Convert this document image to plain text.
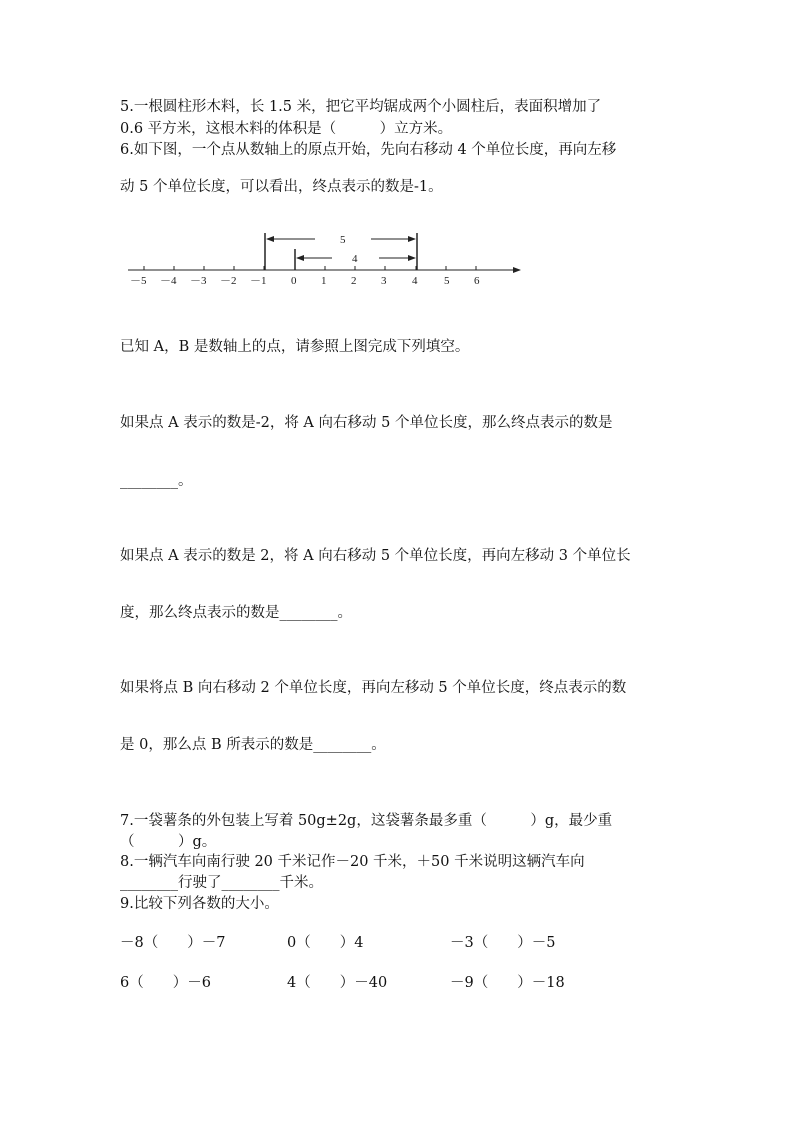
5.一根圆柱形木料，长 1.5 米，把它平均锯成两个小圆柱后，表面积增加了
0.6 平方米，这根木料的体积是（　　　）立方米。
6.如下图，一个点从数轴上的原点开始，先向右移动 4 个单位长度，再向左移
动 5 个单位长度，可以看出，终点表示的数是-1。
5
4
－5 －4 －3 －2 －1 0 1 2 3 4 5 6
已知 A，B 是数轴上的点，请参照上图完成下列填空。
如果点 A 表示的数是-2，将 A 向右移动 5 个单位长度，那么终点表示的数是
________。
如果点 A 表示的数是 2，将 A 向右移动 5 个单位长度，再向左移动 3 个单位长
度，那么终点表示的数是________。
如果将点 B 向右移动 2 个单位长度，再向左移动 5 个单位长度，终点表示的数
是 0，那么点 B 所表示的数是________。
7.一袋薯条的外包装上写着 50g±2g，这袋薯条最多重（　　　）g，最少重
（　　　）g。
8.一辆汽车向南行驶 20 千米记作－20 千米，＋50 千米说明这辆汽车向
________行驶了________千米。
9.比较下列各数的大小。
－8（　　）－7	0（　　）4	－3（　　）－5
6（　　）－6	4（　　）－40	－9（　　）－18
